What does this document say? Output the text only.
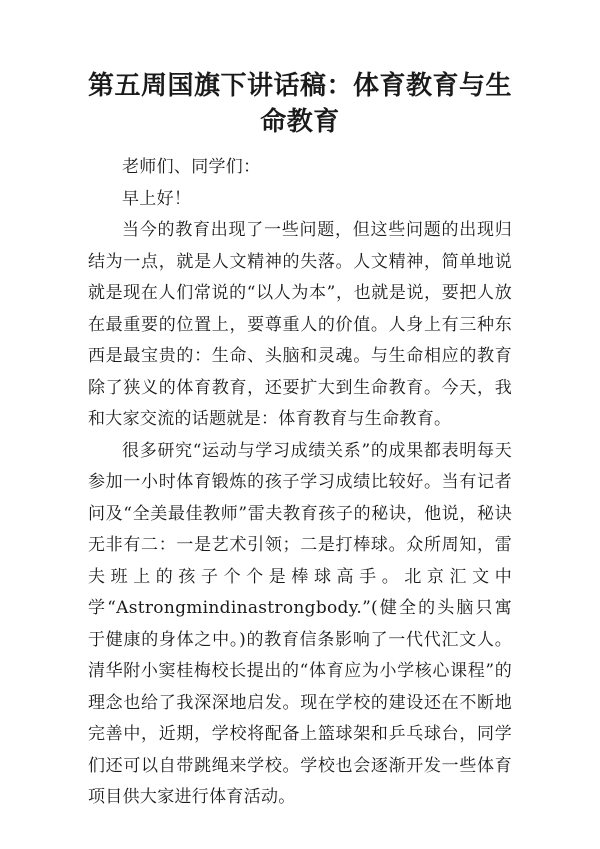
第五周国旗下讲话稿：体育教育与生命教育

老师们、同学们：

早上好！

当今的教育出现了一些问题，但这些问题的出现归结为一点，就是人文精神的失落。人文精神，简单地说就是现在人们常说的“以人为本”，也就是说，要把人放在最重要的位置上，要尊重人的价值。人身上有三种东西是最宝贵的：生命、头脑和灵魂。与生命相应的教育除了狭义的体育教育，还要扩大到生命教育。今天，我和大家交流的话题就是：体育教育与生命教育。

很多研究“运动与学习成绩关系”的成果都表明每天参加一小时体育锻炼的孩子学习成绩比较好。当有记者问及“全美最佳教师”雷夫教育孩子的秘诀，他说，秘诀无非有二：一是艺术引领；二是打棒球。众所周知，雷夫班上的孩子个个是棒球高手。北京汇文中学“Astrongmindinastrongbody.”(健全的头脑只寓于健康的身体之中。)的教育信条影响了一代代汇文人。清华附小窦桂梅校长提出的“体育应为小学核心课程”的理念也给了我深深地启发。现在学校的建设还在不断地完善中，近期，学校将配备上篮球架和乒乓球台，同学们还可以自带跳绳来学校。学校也会逐渐开发一些体育项目供大家进行体育活动。
